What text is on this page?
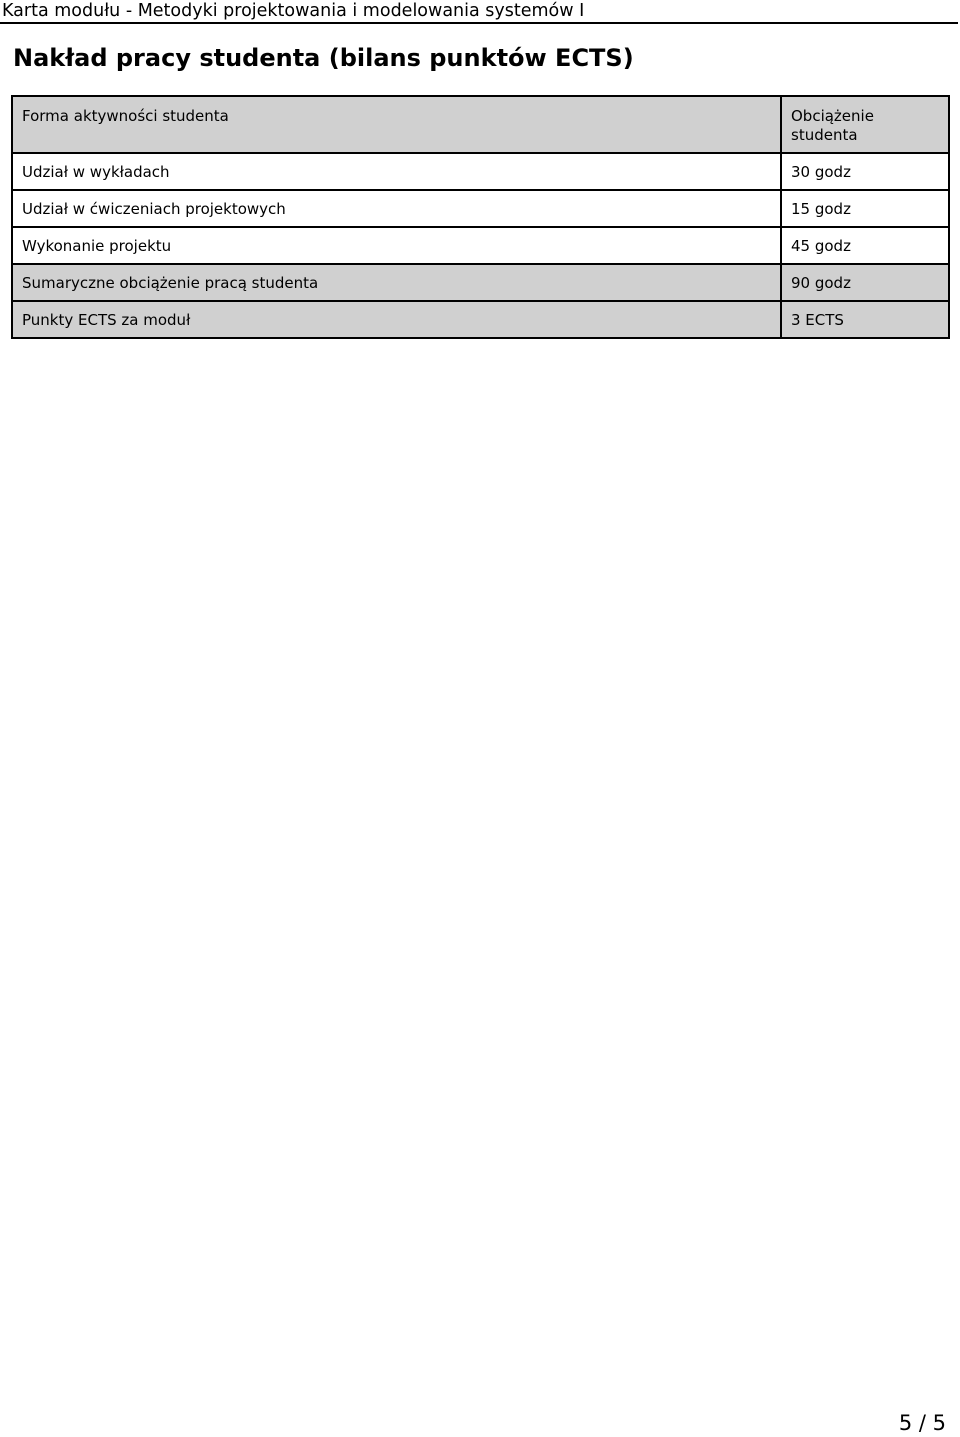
Karta modułu - Metodyki projektowania i modelowania systemów I
Nakład pracy studenta (bilans punktów ECTS)
Forma aktywności studenta	Obciążenie studenta
Udział w wykładach	30 godz
Udział w ćwiczeniach projektowych	15 godz
Wykonanie projektu	45 godz
Sumaryczne obciążenie pracą studenta	90 godz
Punkty ECTS za moduł	3 ECTS
5 / 5
